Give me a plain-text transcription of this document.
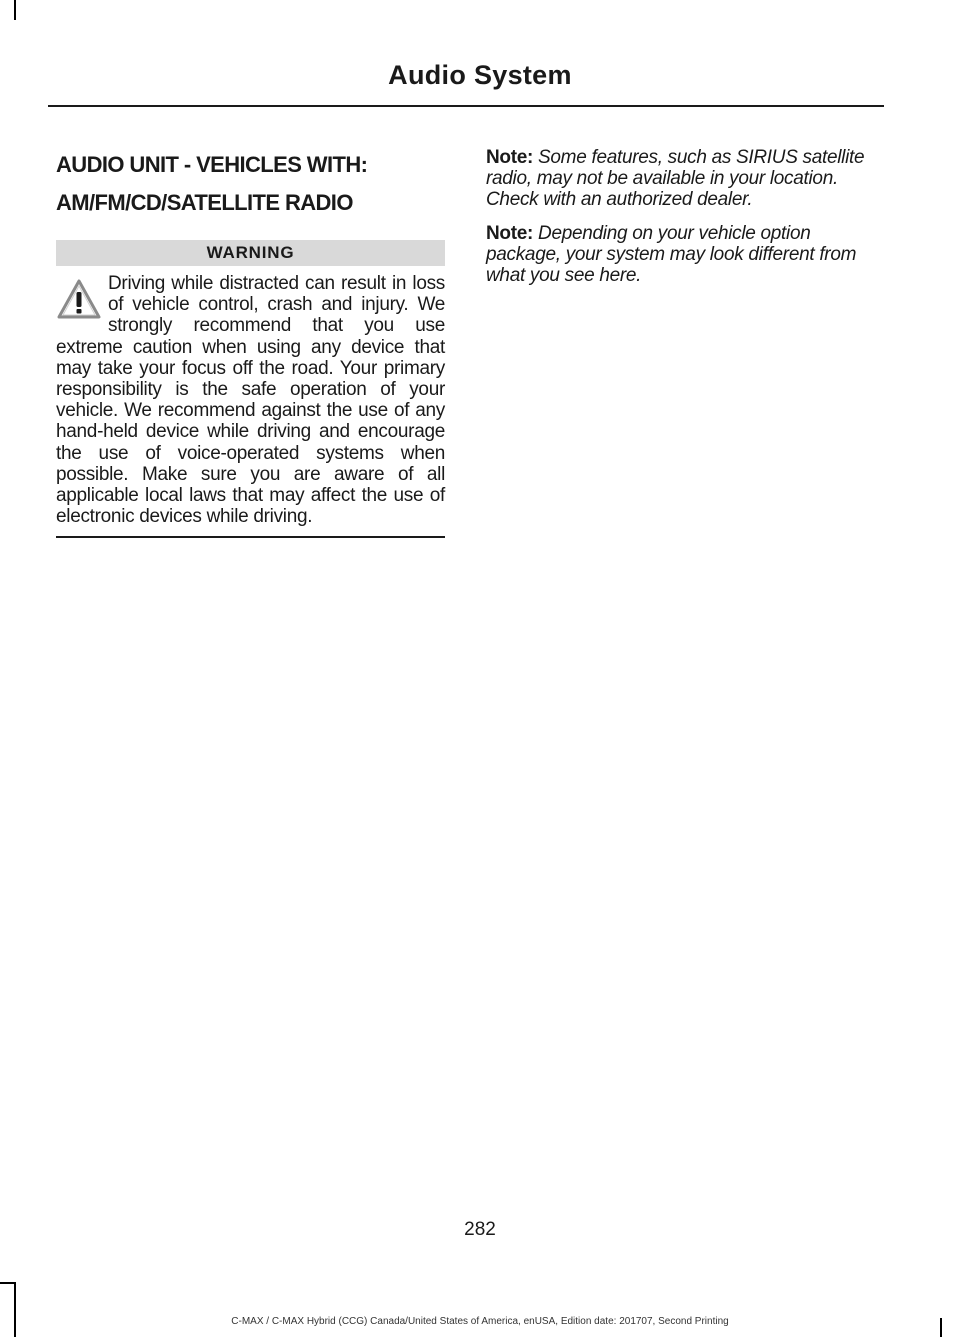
Audio System
AUDIO UNIT - VEHICLES WITH:
AM/FM/CD/SATELLITE RADIO
WARNING
Driving while distracted can result in loss of vehicle control, crash and injury. We strongly recommend that you use extreme caution when using any device that may take your focus off the road. Your primary responsibility is the safe operation of your vehicle. We recommend against the use of any hand-held device while driving and encourage the use of voice-operated systems when possible. Make sure you are aware of all applicable local laws that may affect the use of electronic devices while driving.

Note: Some features, such as SIRIUS satellite radio, may not be available in your location. Check with an authorized dealer.

Note: Depending on your vehicle option package, your system may look different from what you see here.

282
C-MAX / C-MAX Hybrid (CCG) Canada/United States of America, enUSA, Edition date: 201707, Second Printing
